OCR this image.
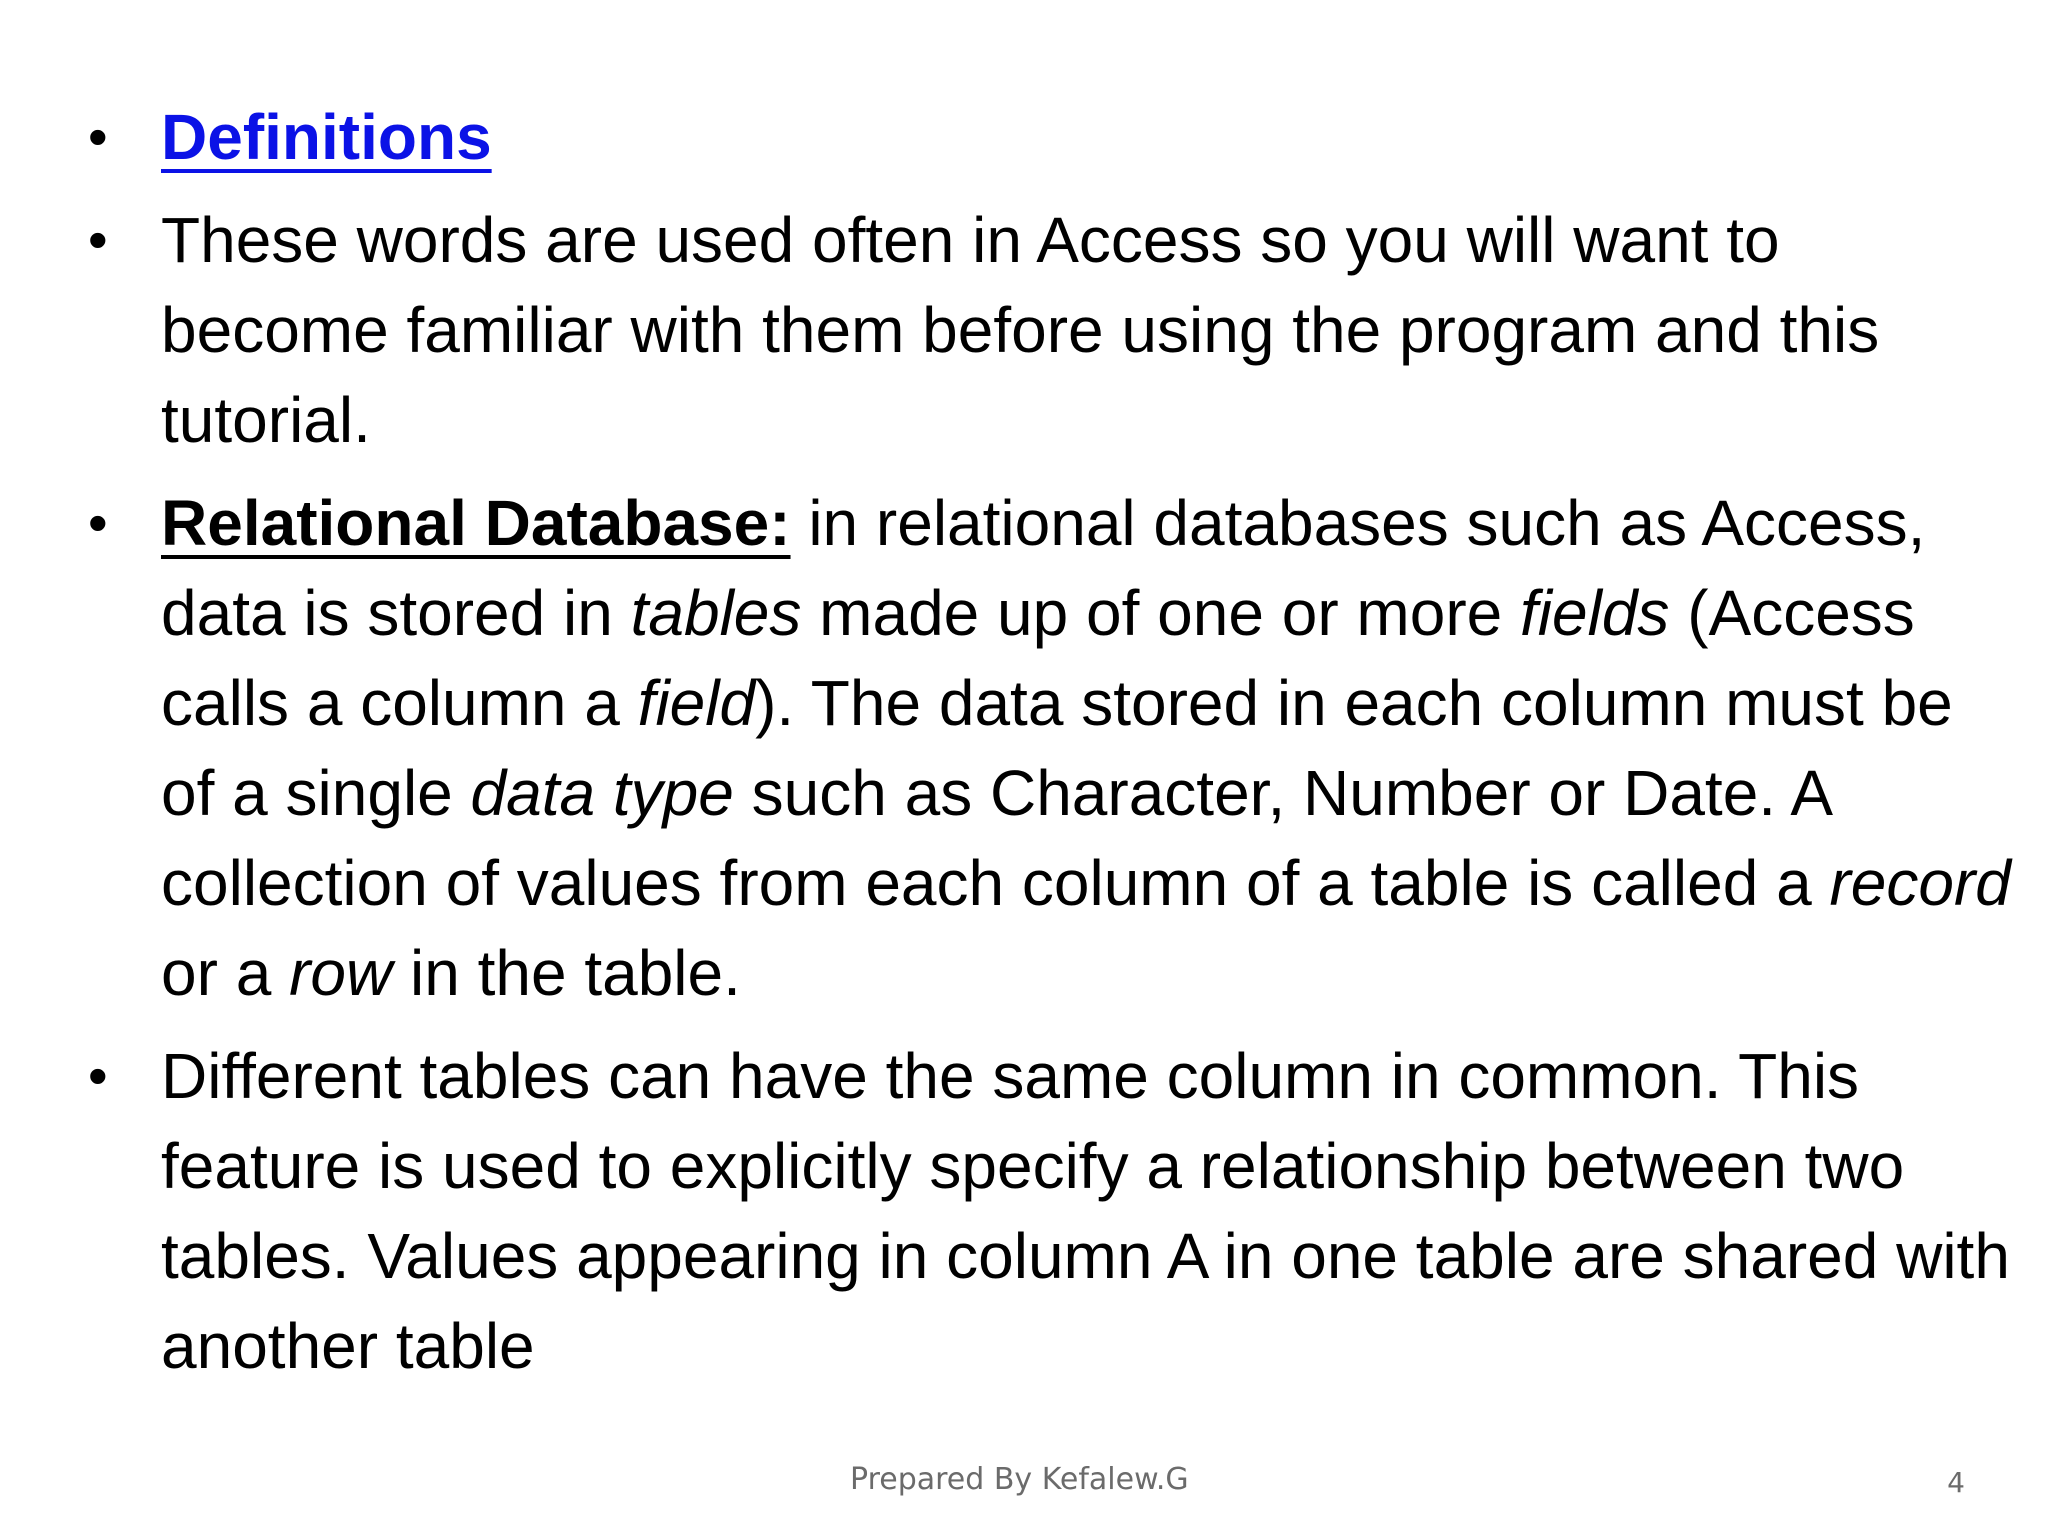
• Definitions
• These words are used often in Access so you will want to become familiar with them before using the program and this tutorial.
• Relational Database: in relational databases such as Access, data is stored in tables made up of one or more fields (Access calls a column a field). The data stored in each column must be of a single data type such as Character, Number or Date. A collection of values from each column of a table is called a record or a row in the table.
• Different tables can have the same column in common. This feature is used to explicitly specify a relationship between two tables. Values appearing in column A in one table are shared with another table
Prepared By Kefalew.G	4
